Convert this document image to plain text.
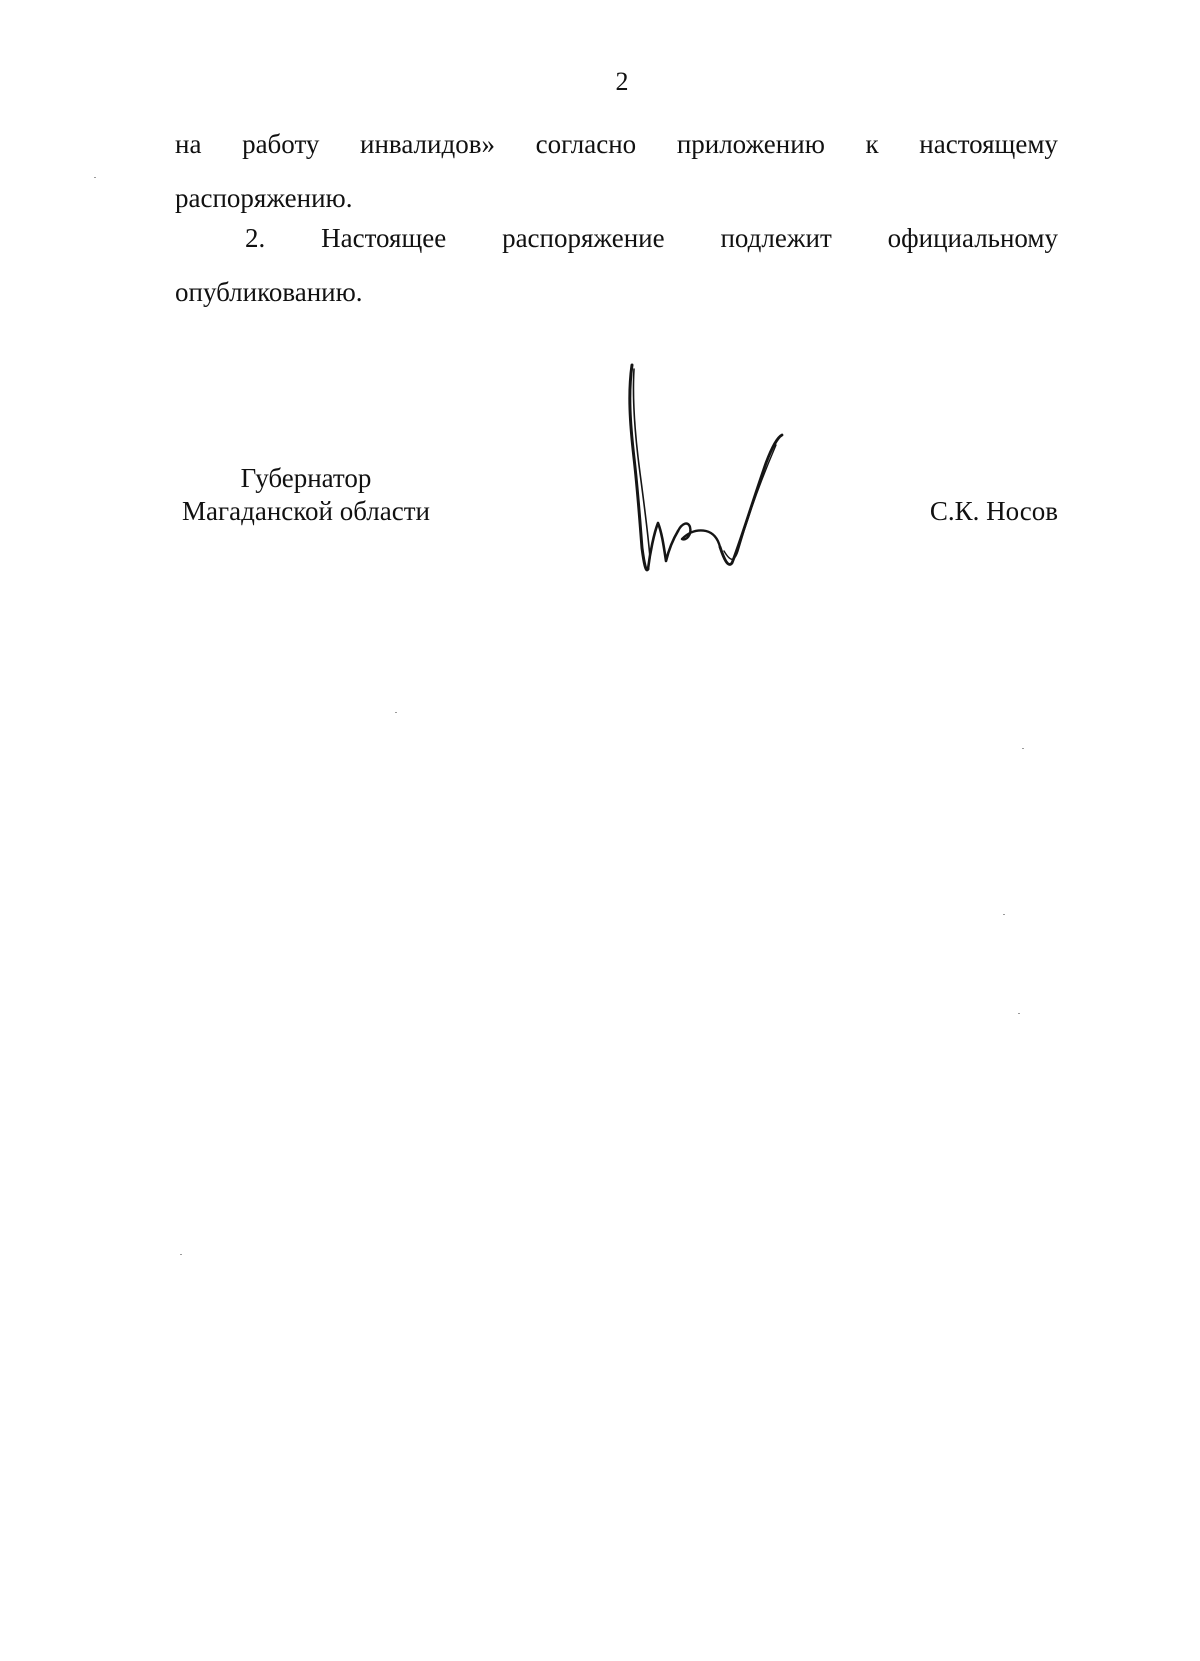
2
на работу инвалидов» согласно приложению к настоящему
распоряжению.
2. Настоящее распоряжение подлежит официальному
опубликованию.
Губернатор
Магаданской области	С.К. Носов
